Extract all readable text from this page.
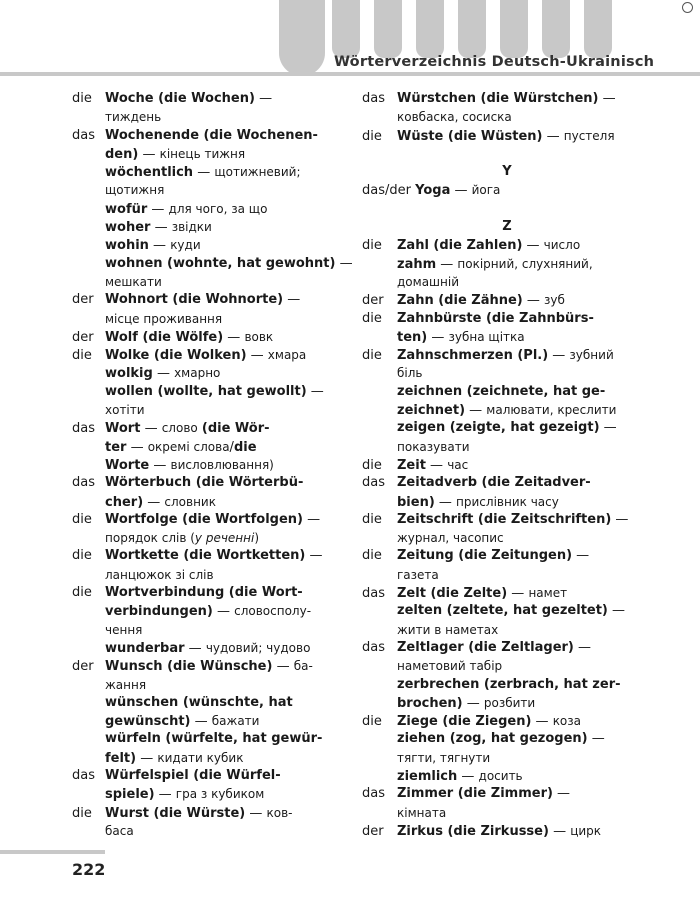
Wörterverzeichnis Deutsch-Ukrainisch
die Woche (die Wochen) —
тиждень
das Wochenende (die Wochenen-
den) — кінець тижня
wöchentlich — щотижневий;
щотижня
wofür — для чого, за що
woher — звідки
wohin — куди
wohnen (wohnte, hat gewohnt) —
мешкати
der Wohnort (die Wohnorte) —
місце проживання
der Wolf (die Wölfe) — вовк
die Wolke (die Wolken) — хмара
wolkig — хмарно
wollen (wollte, hat gewollt) —
хотіти
das Wort — слово (die Wör-
ter — окремі слова/die
Worte — висловлювання)
das Wörterbuch (die Wörterbü-
cher) — словник
die Wortfolge (die Wortfolgen) —
порядок слів (у реченні)
die Wortkette (die Wortketten) —
ланцюжок зі слів
die Wortverbindung (die Wort-
verbindungen) — словосполу-
чення
wunderbar — чудовий; чудово
der Wunsch (die Wünsche) — ба-
жання
wünschen (wünschte, hat
gewünscht) — бажати
würfeln (würfelte, hat gewür-
felt) — кидати кубик
das Würfelspiel (die Würfel-
spiele) — гра з кубиком
die Wurst (die Würste) — ков-
баса
das Würstchen (die Würstchen) —
ковбаска, сосиска
die Wüste (die Wüsten) — пустеля
Y
das/der Yoga — йога
Z
die Zahl (die Zahlen) — число
zahm — покірний, слухняний,
домашній
der Zahn (die Zähne) — зуб
die Zahnbürste (die Zahnbürs-
ten) — зубна щітка
die Zahnschmerzen (Pl.) — зубний
біль
zeichnen (zeichnete, hat ge-
zeichnet) — малювати, креслити
zeigen (zeigte, hat gezeigt) —
показувати
die Zeit — час
das Zeitadverb (die Zeitadver-
bien) — прислівник часу
die Zeitschrift (die Zeitschriften) —
журнал, часопис
die Zeitung (die Zeitungen) —
газета
das Zelt (die Zelte) — намет
zelten (zeltete, hat gezeltet) —
жити в наметах
das Zeltlager (die Zeltlager) —
наметовий табір
zerbrechen (zerbrach, hat zer-
brochen) — розбити
die Ziege (die Ziegen) — коза
ziehen (zog, hat gezogen) —
тягти, тягнути
ziemlich — досить
das Zimmer (die Zimmer) —
кімната
der Zirkus (die Zirkusse) — цирк
222
